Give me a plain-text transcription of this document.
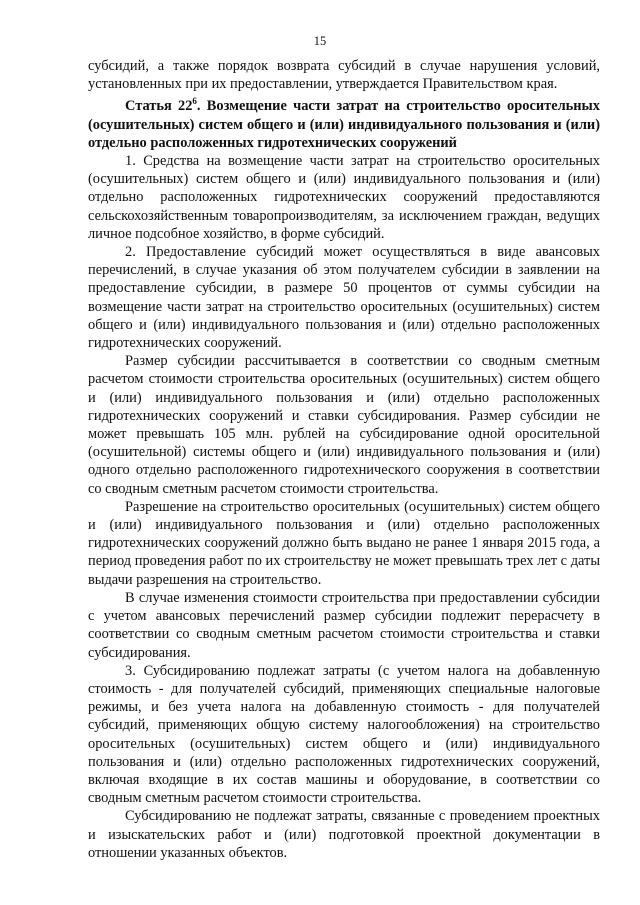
15

субсидий, а также порядок возврата субсидий в случае нарушения условий, установленных при их предоставлении, утверждается Правительством края.

Статья $22^6$. Возмещение части затрат на строительство оросительных (осушительных) систем общего и (или) индивидуального пользования и (или) отдельно расположенных гидротехнических сооружений

1. Средства на возмещение части затрат на строительство оросительных (осушительных) систем общего и (или) индивидуального пользования и (или) отдельно расположенных гидротехнических сооружений предоставляются сельскохозяйственным товаропроизводителям, за исключением граждан, ведущих личное подсобное хозяйство, в форме субсидий.

2. Предоставление субсидий может осуществляться в виде авансовых перечислений, в случае указания об этом получателем субсидии в заявлении на предоставление субсидии, в размере 50 процентов от суммы субсидии на возмещение части затрат на строительство оросительных (осушительных) систем общего и (или) индивидуального пользования и (или) отдельно расположенных гидротехнических сооружений.

Размер субсидии рассчитывается в соответствии со сводным сметным расчетом стоимости строительства оросительных (осушительных) систем общего и (или) индивидуального пользования и (или) отдельно расположенных гидротехнических сооружений и ставки субсидирования. Размер субсидии не может превышать 105 млн. рублей на субсидирование одной оросительной (осушительной) системы общего и (или) индивидуального пользования и (или) одного отдельно расположенного гидротехнического сооружения в соответствии со сводным сметным расчетом стоимости строительства.

Разрешение на строительство оросительных (осушительных) систем общего и (или) индивидуального пользования и (или) отдельно расположенных гидротехнических сооружений должно быть выдано не ранее 1 января 2015 года, а период проведения работ по их строительству не может превышать трех лет с даты выдачи разрешения на строительство.

В случае изменения стоимости строительства при предоставлении субсидии с учетом авансовых перечислений размер субсидии подлежит перерасчету в соответствии со сводным сметным расчетом стоимости строительства и ставки субсидирования.

3. Субсидированию подлежат затраты (с учетом налога на добавленную стоимость - для получателей субсидий, применяющих специальные налоговые режимы, и без учета налога на добавленную стоимость - для получателей субсидий, применяющих общую систему налогообложения) на строительство оросительных (осушительных) систем общего и (или) индивидуального пользования и (или) отдельно расположенных гидротехнических сооружений, включая входящие в их состав машины и оборудование, в соответствии со сводным сметным расчетом стоимости строительства.

Субсидированию не подлежат затраты, связанные с проведением проектных и изыскательских работ и (или) подготовкой проектной документации в отношении указанных объектов.
